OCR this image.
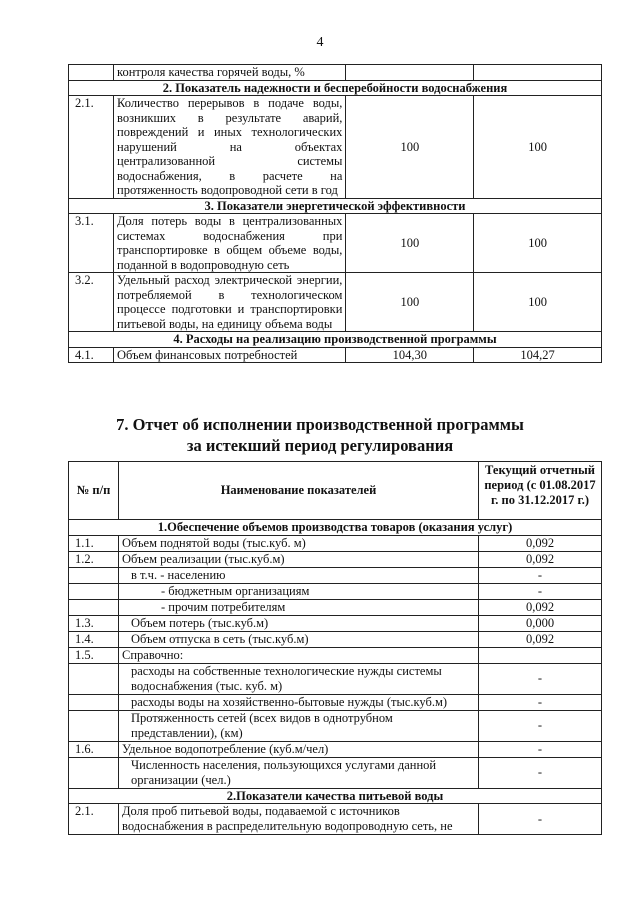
4
	контроля качества горячей воды, %		
2. Показатель надежности и бесперебойности водоснабжения			
2.1.	Количество перерывов в подаче воды, возникших в результате аварий, повреждений и иных технологических нарушений на объектах централизованной системы водоснабжения, в расчете на протяженность водопроводной сети в год	100	100
3. Показатели энергетической эффективности			
3.1.	Доля потерь воды в централизованных системах водоснабжения при транспортировке в общем объеме воды, поданной в водопроводную сеть	100	100
3.2.	Удельный расход электрической энергии, потребляемой в технологическом процессе подготовки и транспортировки питьевой воды, на единицу объема воды	100	100
4. Расходы на реализацию производственной программы			
4.1.	Объем финансовых потребностей	104,30	104,27
7. Отчет об исполнении производственной программы
за истекший период регулирования
№ п/п	Наименование показателей	Текущий отчетный период (с 01.08.2017 г. по 31.12.2017 г.)
1.Обеспечение объемов производства товаров (оказания услуг)		
1.1.	Объем поднятой воды (тыс.куб. м)	0,092
1.2.	Объем реализации (тыс.куб.м)	0,092
	в т.ч. - населению	-
	- бюджетным организациям	-
	- прочим потребителям	0,092
1.3.	Объем потерь (тыс.куб.м)	0,000
1.4.	Объем отпуска в сеть (тыс.куб.м)	0,092
1.5.	Справочно:	
	расходы на собственные технологические нужды системы водоснабжения (тыс. куб. м)	-
	расходы воды на хозяйственно-бытовые нужды (тыс.куб.м)	-
	Протяженность сетей (всех видов в однотрубном представлении), (км)	-
1.6.	Удельное водопотребление (куб.м/чел)	-
	Численность населения, пользующихся услугами данной организации (чел.)	-
2.Показатели качества питьевой воды		
2.1.	Доля проб питьевой воды, подаваемой с источников водоснабжения в распределительную водопроводную сеть, не	-
